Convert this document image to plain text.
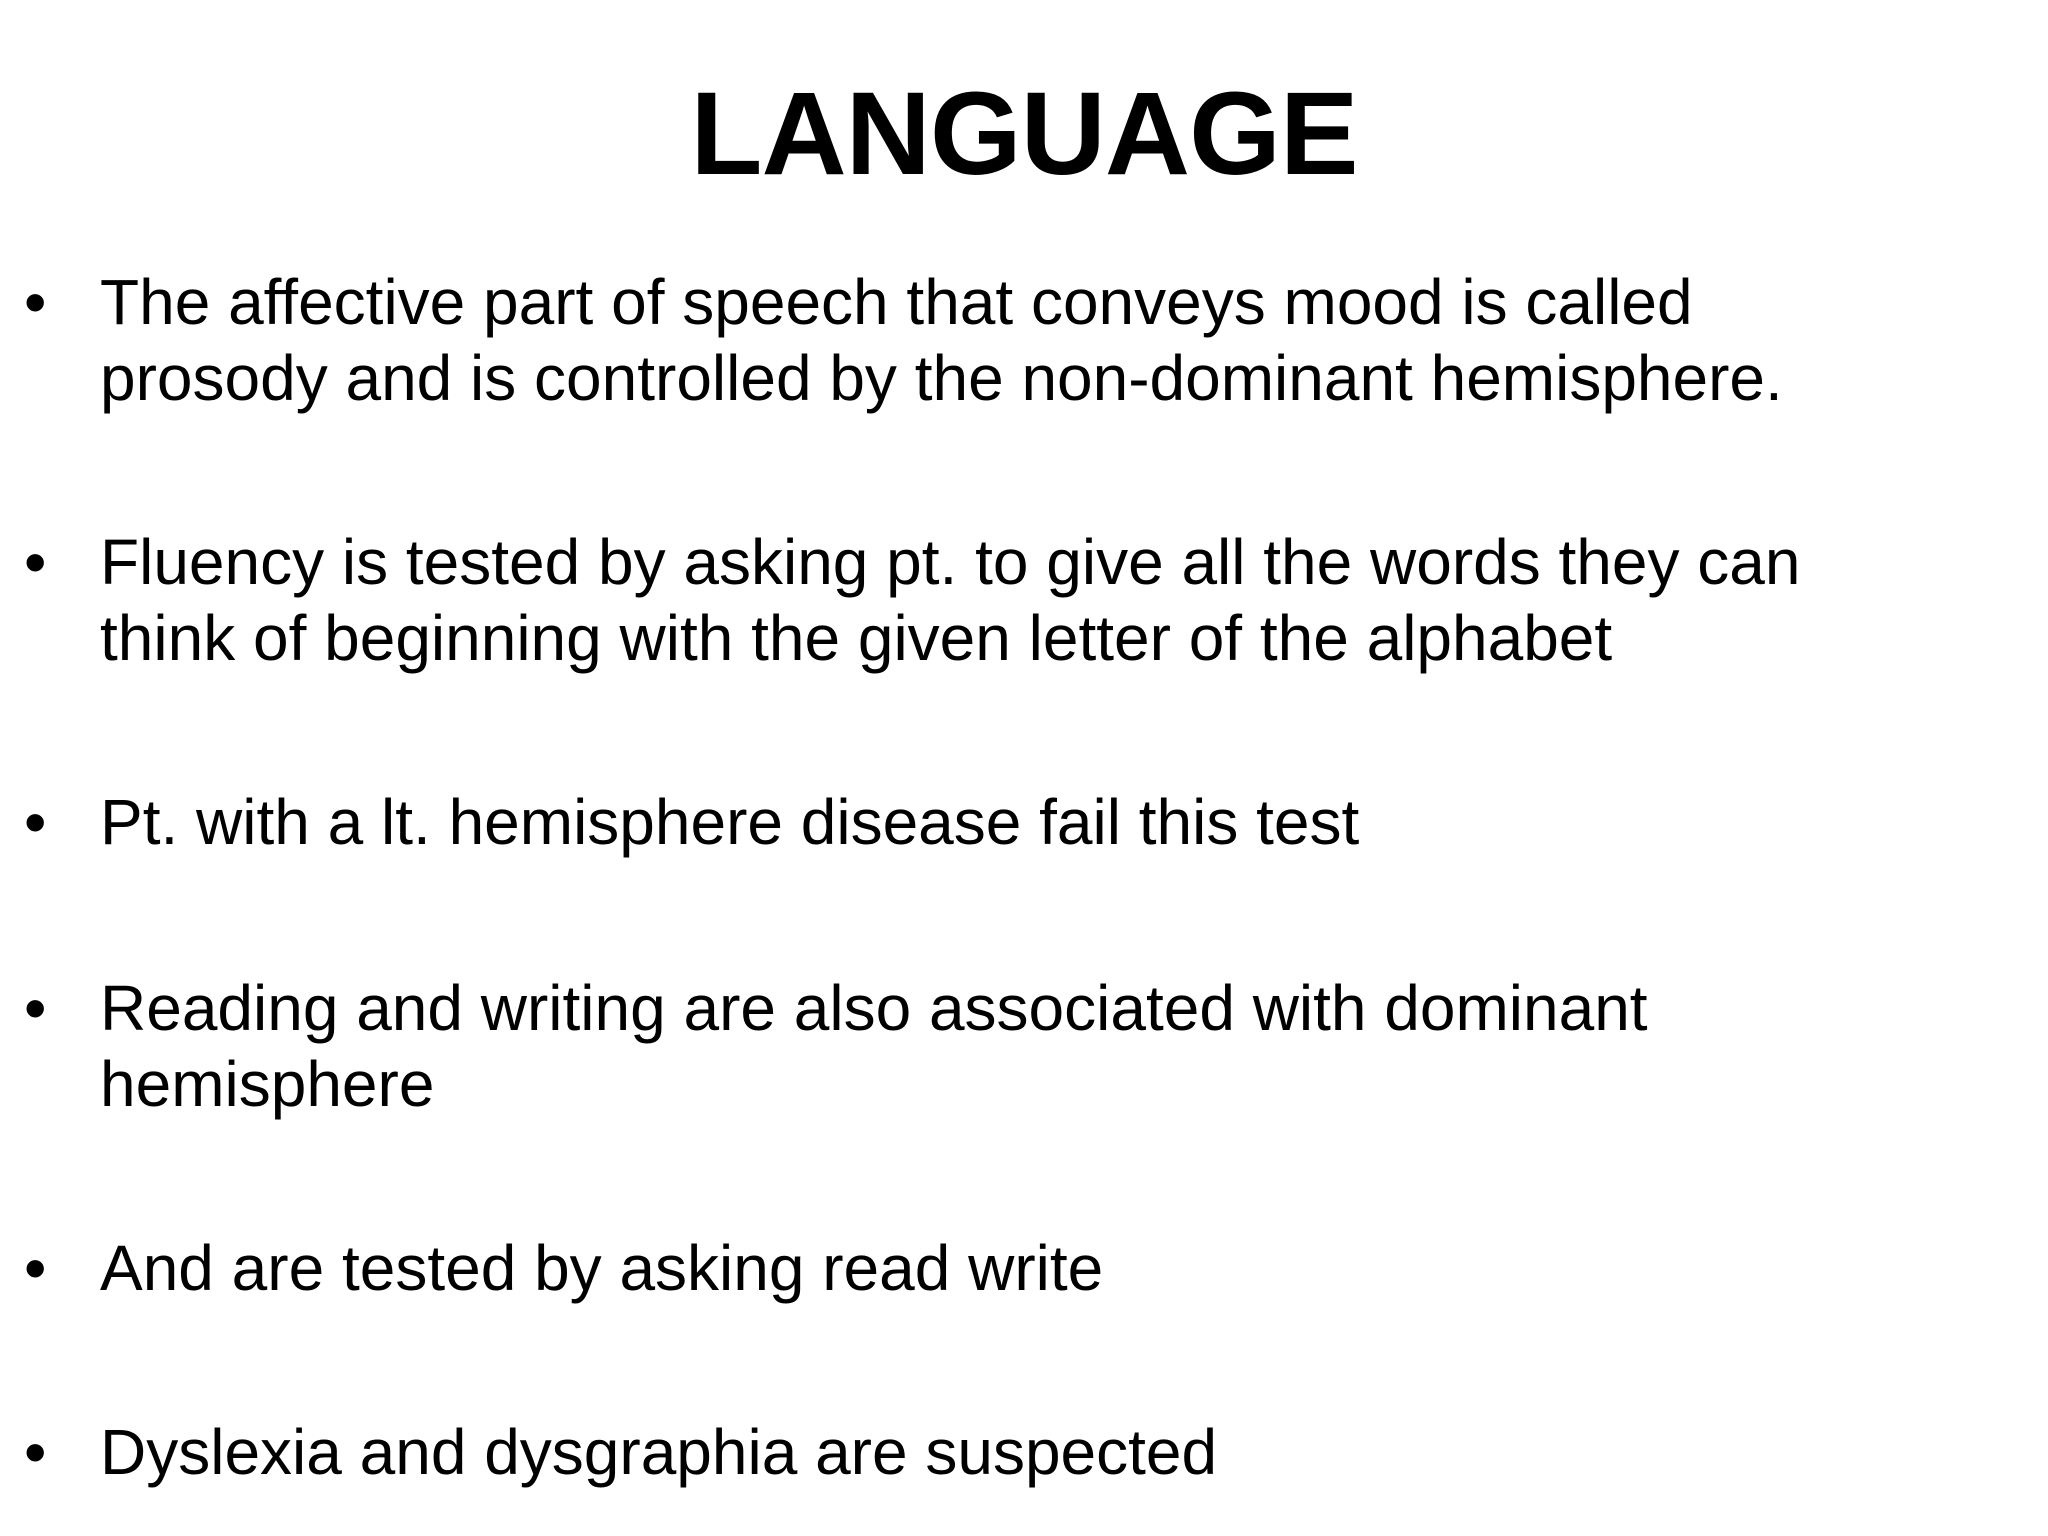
LANGUAGE
• The affective part of speech that conveys mood is called
prosody and is controlled by the non-dominant hemisphere.
• Fluency is tested by asking pt. to give all the words they can
think of beginning with the given letter of the alphabet
• Pt. with a lt. hemisphere disease fail this test
• Reading and writing are also associated with dominant
hemisphere
• And are tested by asking read write
• Dyslexia and dysgraphia are suspected
